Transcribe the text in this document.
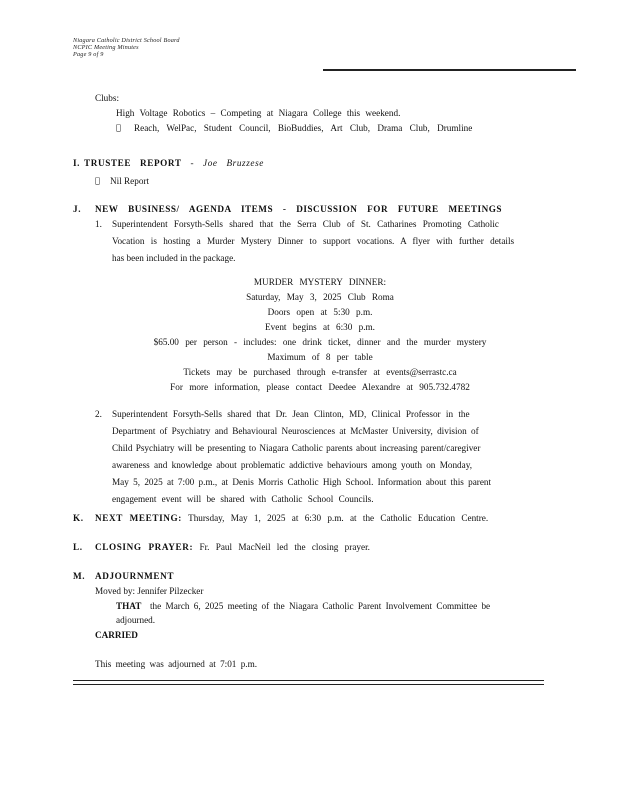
Niagara Catholic District School Board
NCPIC Meeting Minutes
Page 9 of 9
Clubs:
High Voltage Robotics – Competing at Niagara College this weekend.
Reach, WelPac, Student Council, BioBuddies, Art Club, Drama Club, Drumline
I. TRUSTEE REPORT - Joe Bruzzese
Nil Report
J. NEW BUSINESS/ AGENDA ITEMS - DISCUSSION FOR FUTURE MEETINGS
1. Superintendent Forsyth-Sells shared that the Serra Club of St. Catharines Promoting Catholic
Vocation is hosting a Murder Mystery Dinner to support vocations. A flyer with further details
has been included in the package.
MURDER MYSTERY DINNER:
Saturday, May 3, 2025 Club Roma
Doors open at 5:30 p.m.
Event begins at 6:30 p.m.
$65.00 per person - includes: one drink ticket, dinner and the murder mystery
Maximum of 8 per table
Tickets may be purchased through e-transfer at events@serrastc.ca
For more information, please contact Deedee Alexandre at 905.732.4782
2. Superintendent Forsyth-Sells shared that Dr. Jean Clinton, MD, Clinical Professor in the
Department of Psychiatry and Behavioural Neurosciences at McMaster University, division of
Child Psychiatry will be presenting to Niagara Catholic parents about increasing parent/caregiver
awareness and knowledge about problematic addictive behaviours among youth on Monday,
May 5, 2025 at 7:00 p.m., at Denis Morris Catholic High School. Information about this parent
engagement event will be shared with Catholic School Councils.
K. NEXT MEETING: Thursday, May 1, 2025 at 6:30 p.m. at the Catholic Education Centre.
L. CLOSING PRAYER: Fr. Paul MacNeil led the closing prayer.
M. ADJOURNMENT
Moved by: Jennifer Pilzecker
THAT the March 6, 2025 meeting of the Niagara Catholic Parent Involvement Committee be
adjourned.
CARRIED
This meeting was adjourned at 7:01 p.m.
